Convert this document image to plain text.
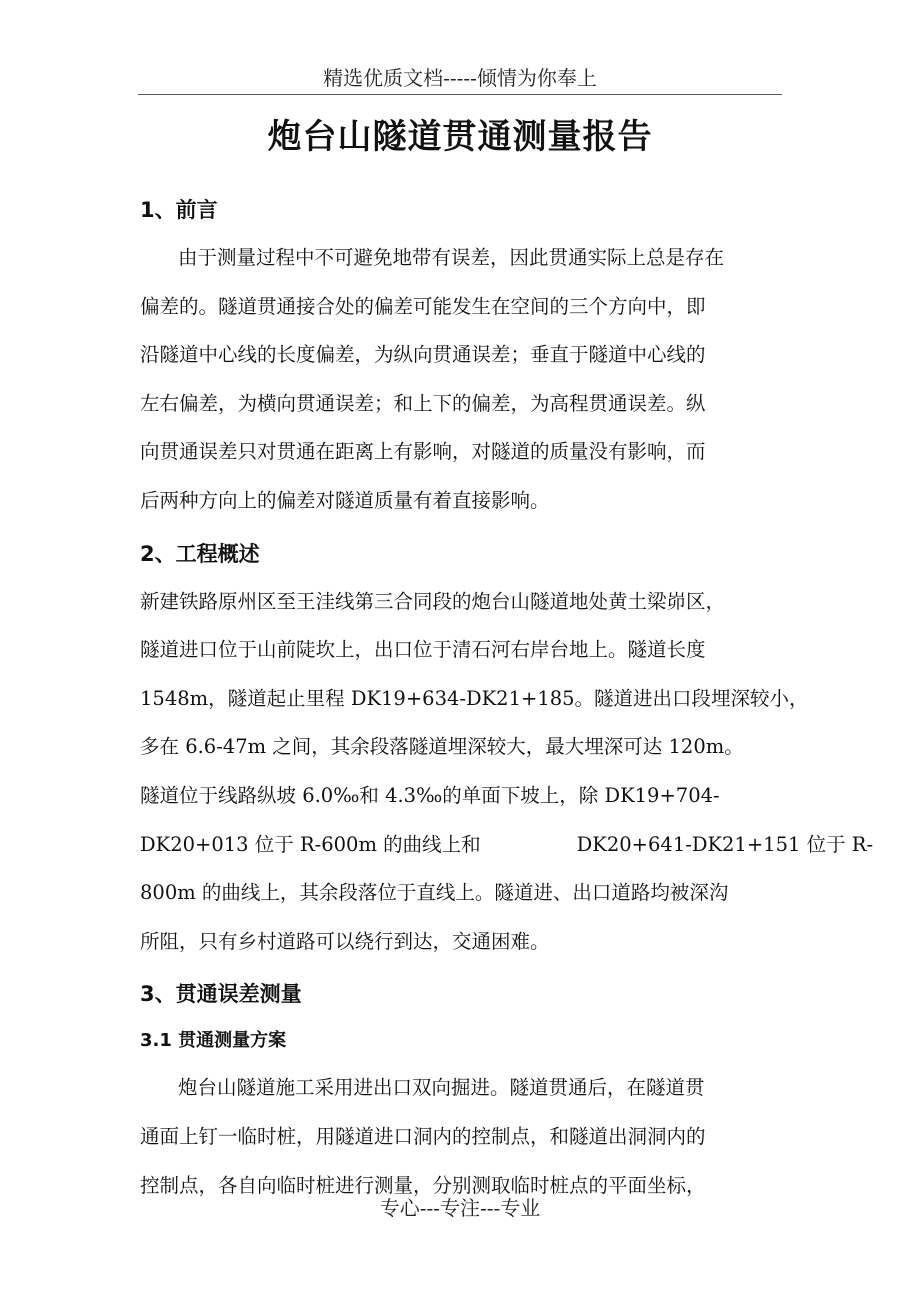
精选优质文档-----倾情为你奉上
炮台山隧道贯通测量报告
1、前言

由于测量过程中不可避免地带有误差，因此贯通实际上总是存在
偏差的。隧道贯通接合处的偏差可能发生在空间的三个方向中，即
沿隧道中心线的长度偏差，为纵向贯通误差；垂直于隧道中心线的
左右偏差，为横向贯通误差；和上下的偏差，为高程贯通误差。纵
向贯通误差只对贯通在距离上有影响，对隧道的质量没有影响，而
后两种方向上的偏差对隧道质量有着直接影响。

2、工程概述

新建铁路原州区至王洼线第三合同段的炮台山隧道地处黄土梁峁区，
隧道进口位于山前陡坎上，出口位于清石河右岸台地上。隧道长度
1548m，隧道起止里程 DK19+634-DK21+185。隧道进出口段埋深较小，
多在 6.6-47m 之间，其余段落隧道埋深较大，最大埋深可达 120m。
隧道位于线路纵坡 6.0‰和 4.3‰的单面下坡上，除 DK19+704-
DK20+013 位于 R-600m 的曲线上和	DK20+641-DK21+151 位于 R-
800m 的曲线上，其余段落位于直线上。隧道进、出口道路均被深沟
所阻，只有乡村道路可以绕行到达，交通困难。

3、贯通误差测量
3.1 贯通测量方案

炮台山隧道施工采用进出口双向掘进。隧道贯通后，在隧道贯
通面上钉一临时桩，用隧道进口洞内的控制点，和隧道出洞洞内的
控制点，各自向临时桩进行测量，分别测取临时桩点的平面坐标，

专心---专注---专业
